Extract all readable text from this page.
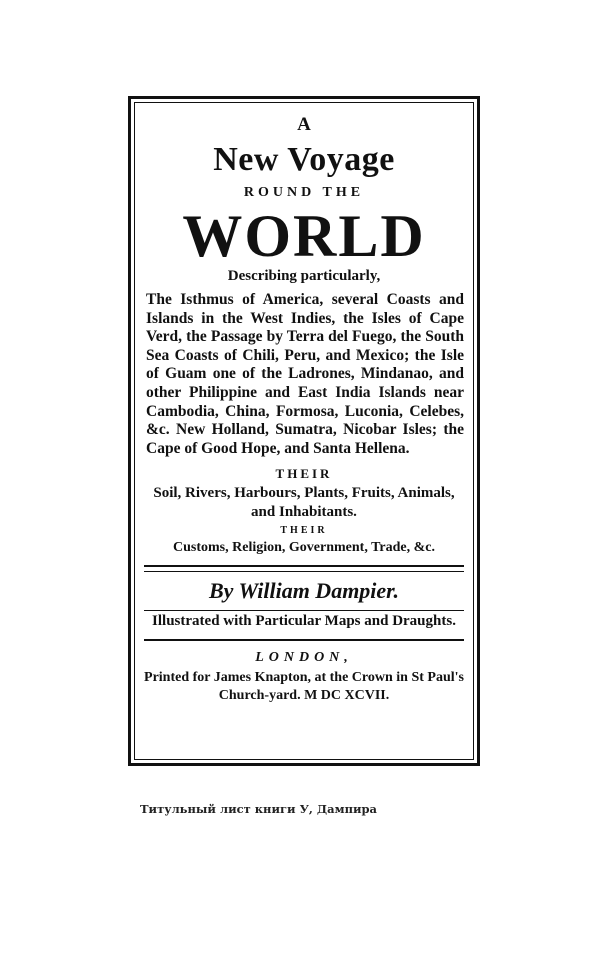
A
New Voyage
ROUND THE
WORLD
Describing particularly,
The Isthmus of America, several Coasts and Islands in the West Indies, the Isles of Cape Verd, the Passage by Terra del Fuego, the South Sea Coasts of Chili, Peru, and Mexico; the Isle of Guam one of the Ladrones, Mindanao, and other Philippine and East India Islands near Cambodia, China, Formosa, Luconia, Celebes, &c. New Holland, Sumatra, Nicobar Isles; the Cape of Good Hope, and Santa Hellena.
THEIR
Soil, Rivers, Harbours, Plants, Fruits, Animals, and Inhabitants.
THEIR
Customs, Religion, Government, Trade, &c.
By William Dampier.
Illustrated with Particular Maps and Draughts.
LONDON,
Printed for James Knapton, at the Crown in St Paul's Church-yard. M DC XCVII.
Титульный лист книги У, Дампира
